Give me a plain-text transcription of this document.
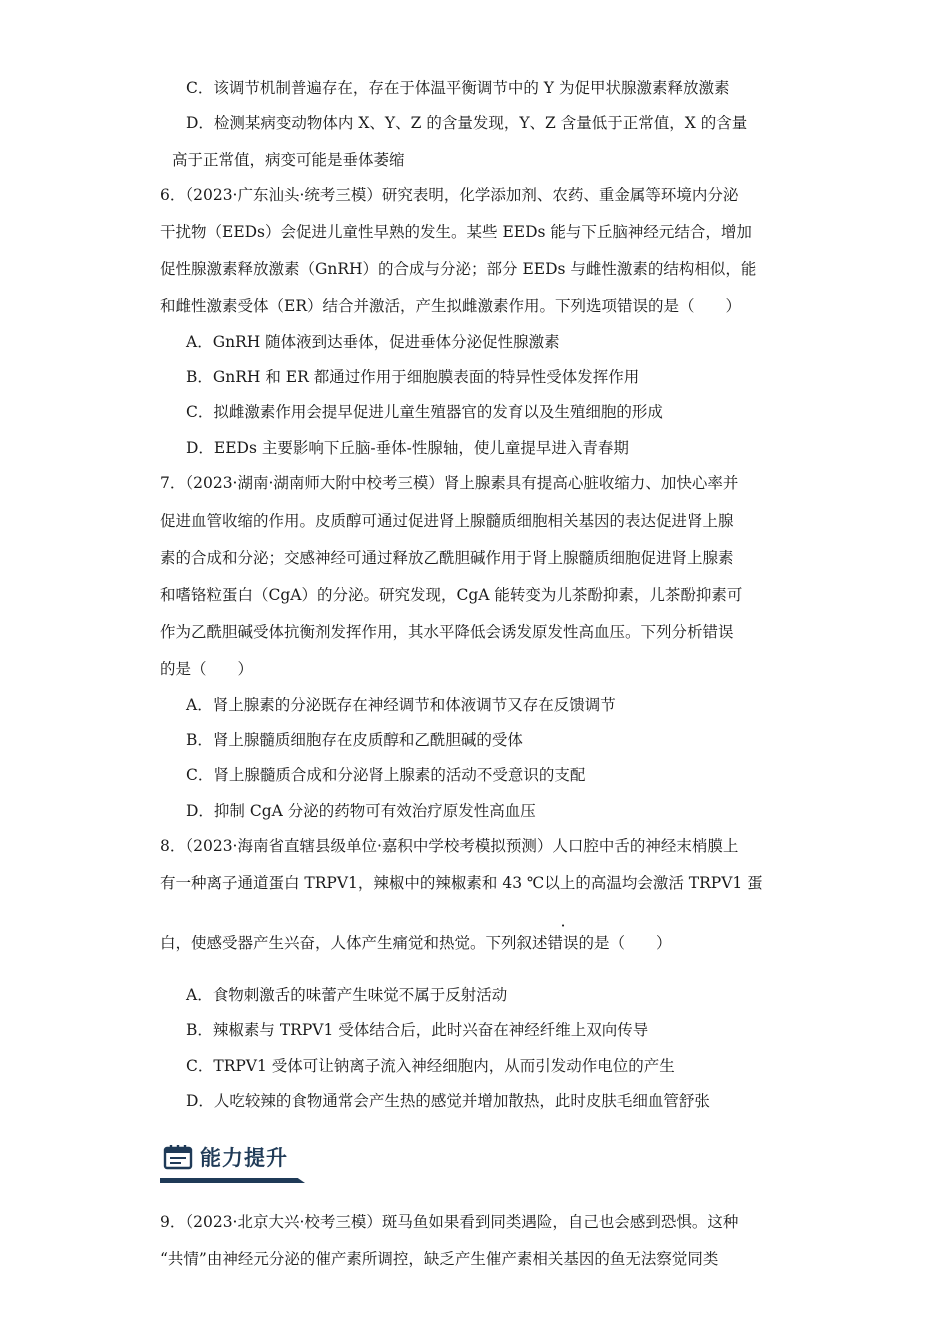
C．该调节机制普遍存在，存在于体温平衡调节中的 Y 为促甲状腺激素释放激素
D．检测某病变动物体内 X、Y、Z 的含量发现，Y、Z 含量低于正常值，X 的含量
高于正常值，病变可能是垂体萎缩
6．（2023·广东汕头·统考三模）研究表明，化学添加剂、农药、重金属等环境内分泌
干扰物（EEDs）会促进儿童性早熟的发生。某些 EEDs 能与下丘脑神经元结合，增加
促性腺激素释放激素（GnRH）的合成与分泌；部分 EEDs 与雌性激素的结构相似，能
和雌性激素受体（ER）结合并激活，产生拟雌激素作用。下列选项错误的是（　　）
A．GnRH 随体液到达垂体，促进垂体分泌促性腺激素
B．GnRH 和 ER 都通过作用于细胞膜表面的特异性受体发挥作用
C．拟雌激素作用会提早促进儿童生殖器官的发育以及生殖细胞的形成
D．EEDs 主要影响下丘脑-垂体-性腺轴，使儿童提早进入青春期
7．（2023·湖南·湖南师大附中校考三模）肾上腺素具有提高心脏收缩力、加快心率并
促进血管收缩的作用。皮质醇可通过促进肾上腺髓质细胞相关基因的表达促进肾上腺
素的合成和分泌；交感神经可通过释放乙酰胆碱作用于肾上腺髓质细胞促进肾上腺素
和嗜铬粒蛋白（CgA）的分泌。研究发现，CgA 能转变为儿茶酚抑素，儿茶酚抑素可
作为乙酰胆碱受体抗衡剂发挥作用，其水平降低会诱发原发性高血压。下列分析错误
的是（　　）
A．肾上腺素的分泌既存在神经调节和体液调节又存在反馈调节
B．肾上腺髓质细胞存在皮质醇和乙酰胆碱的受体
C．肾上腺髓质合成和分泌肾上腺素的活动不受意识的支配
D．抑制 CgA 分泌的药物可有效治疗原发性高血压
8．（2023·海南省直辖县级单位·嘉积中学校考模拟预测）人口腔中舌的神经末梢膜上
有一种离子通道蛋白 TRPV1，辣椒中的辣椒素和 43 ℃以上的高温均会激活 TRPV1 蛋
白，使感受器产生兴奋，人体产生痛觉和热觉。下列叙述错误的是（　　）
A．食物刺激舌的味蕾产生味觉不属于反射活动
B．辣椒素与 TRPV1 受体结合后，此时兴奋在神经纤维上双向传导
C．TRPV1 受体可让钠离子流入神经细胞内，从而引发动作电位的产生
D．人吃较辣的食物通常会产生热的感觉并增加散热，此时皮肤毛细血管舒张
能力提升
9．（2023·北京大兴·校考三模）斑马鱼如果看到同类遇险，自己也会感到恐惧。这种
“共情”由神经元分泌的催产素所调控，缺乏产生催产素相关基因的鱼无法察觉同类
